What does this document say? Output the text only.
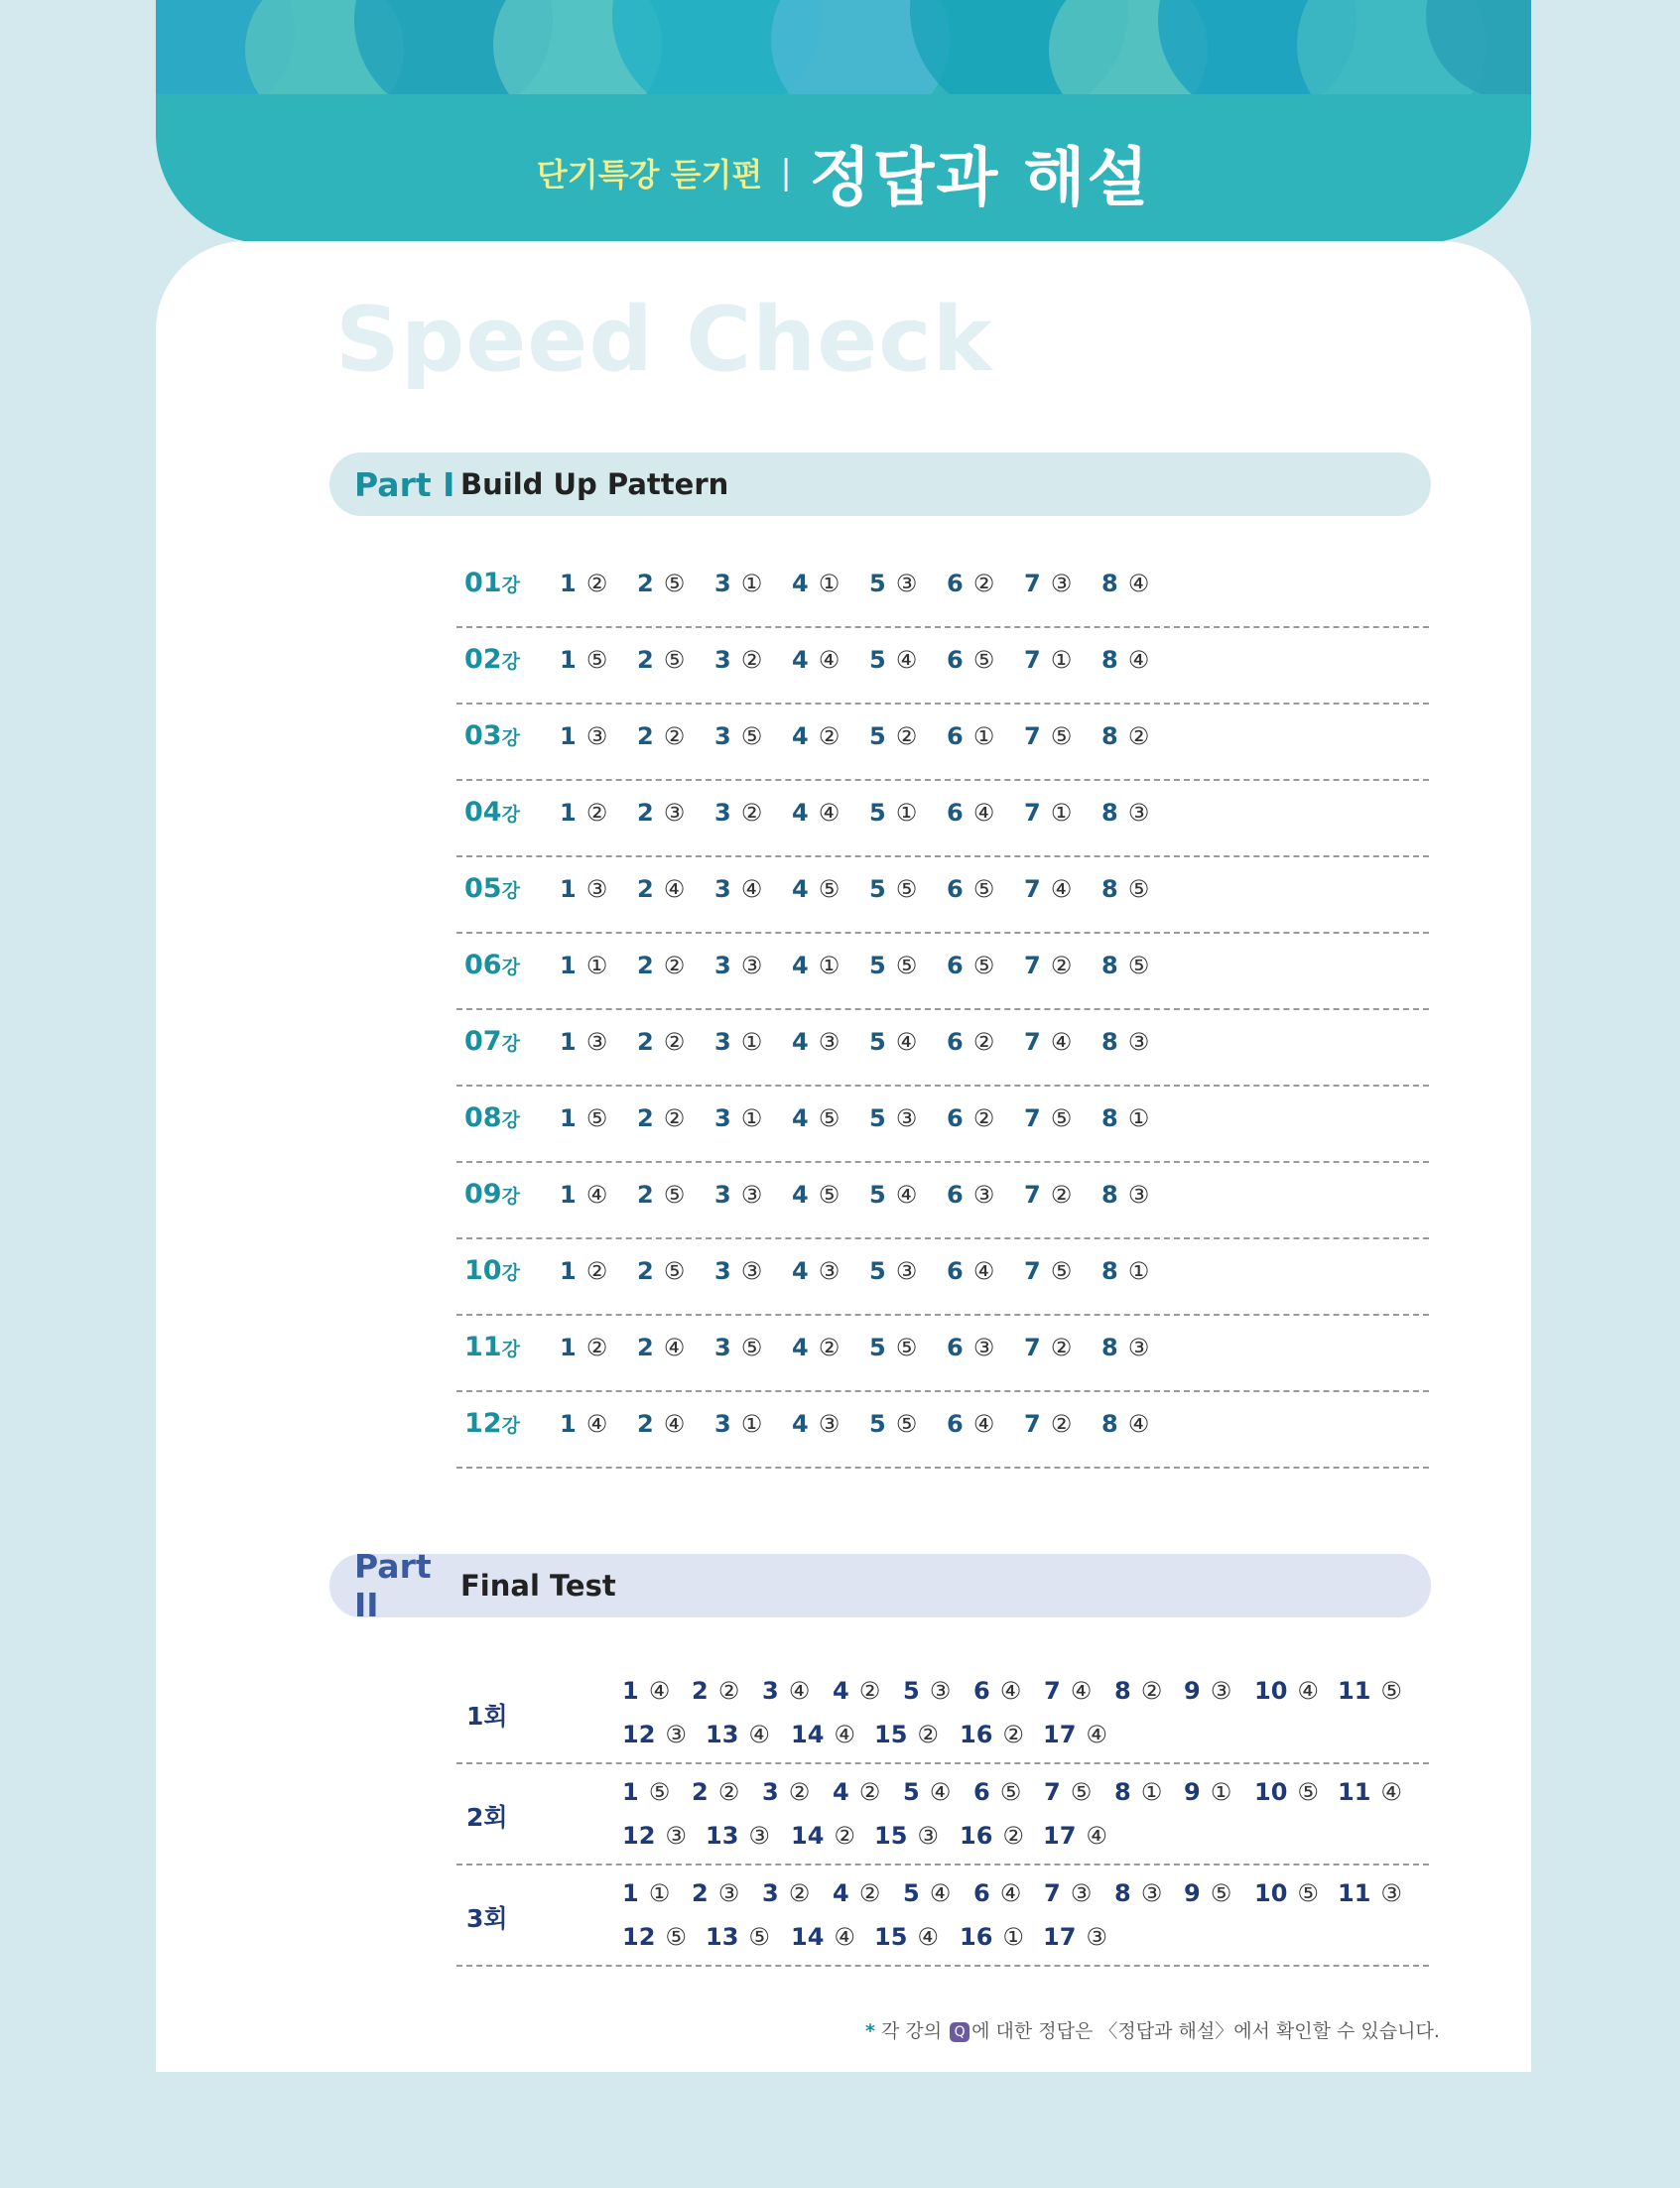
단기특강 듣기편 | 정답과 해설
Speed Check
Part I Build Up Pattern
01강 1 ② 2 ⑤ 3 ① 4 ① 5 ③ 6 ② 7 ③ 8 ④
02강 1 ⑤ 2 ⑤ 3 ② 4 ④ 5 ④ 6 ⑤ 7 ① 8 ④
03강 1 ③ 2 ② 3 ⑤ 4 ② 5 ② 6 ① 7 ⑤ 8 ②
04강 1 ② 2 ③ 3 ② 4 ④ 5 ① 6 ④ 7 ① 8 ③
05강 1 ③ 2 ④ 3 ④ 4 ⑤ 5 ⑤ 6 ⑤ 7 ④ 8 ⑤
06강 1 ① 2 ② 3 ③ 4 ① 5 ⑤ 6 ⑤ 7 ② 8 ⑤
07강 1 ③ 2 ② 3 ① 4 ③ 5 ④ 6 ② 7 ④ 8 ③
08강 1 ⑤ 2 ② 3 ① 4 ⑤ 5 ③ 6 ② 7 ⑤ 8 ①
09강 1 ④ 2 ⑤ 3 ③ 4 ⑤ 5 ④ 6 ③ 7 ② 8 ③
10강 1 ② 2 ⑤ 3 ③ 4 ③ 5 ③ 6 ④ 7 ⑤ 8 ①
11강 1 ② 2 ④ 3 ⑤ 4 ② 5 ⑤ 6 ③ 7 ② 8 ③
12강 1 ④ 2 ④ 3 ① 4 ③ 5 ⑤ 6 ④ 7 ② 8 ④
Part II	Final Test
1회
1 ④ 2 ② 3 ④ 4 ② 5 ③ 6 ④ 7 ④ 8 ② 9 ③ 10 ④ 11 ⑤
12 ③ 13 ④ 14 ④ 15 ② 16 ② 17 ④
2회
1 ⑤ 2 ② 3 ② 4 ② 5 ④ 6 ⑤ 7 ⑤ 8 ① 9 ① 10 ⑤ 11 ④
12 ③ 13 ③ 14 ② 15 ③ 16 ② 17 ④
3회
1 ① 2 ③ 3 ② 4 ② 5 ④ 6 ④ 7 ③ 8 ③ 9 ⑤ 10 ⑤ 11 ③
12 ⑤ 13 ⑤ 14 ④ 15 ④ 16 ① 17 ③
* 각 강의 Q 에 대한 정답은 〈정답과 해설〉에서 확인할 수 있습니다.
